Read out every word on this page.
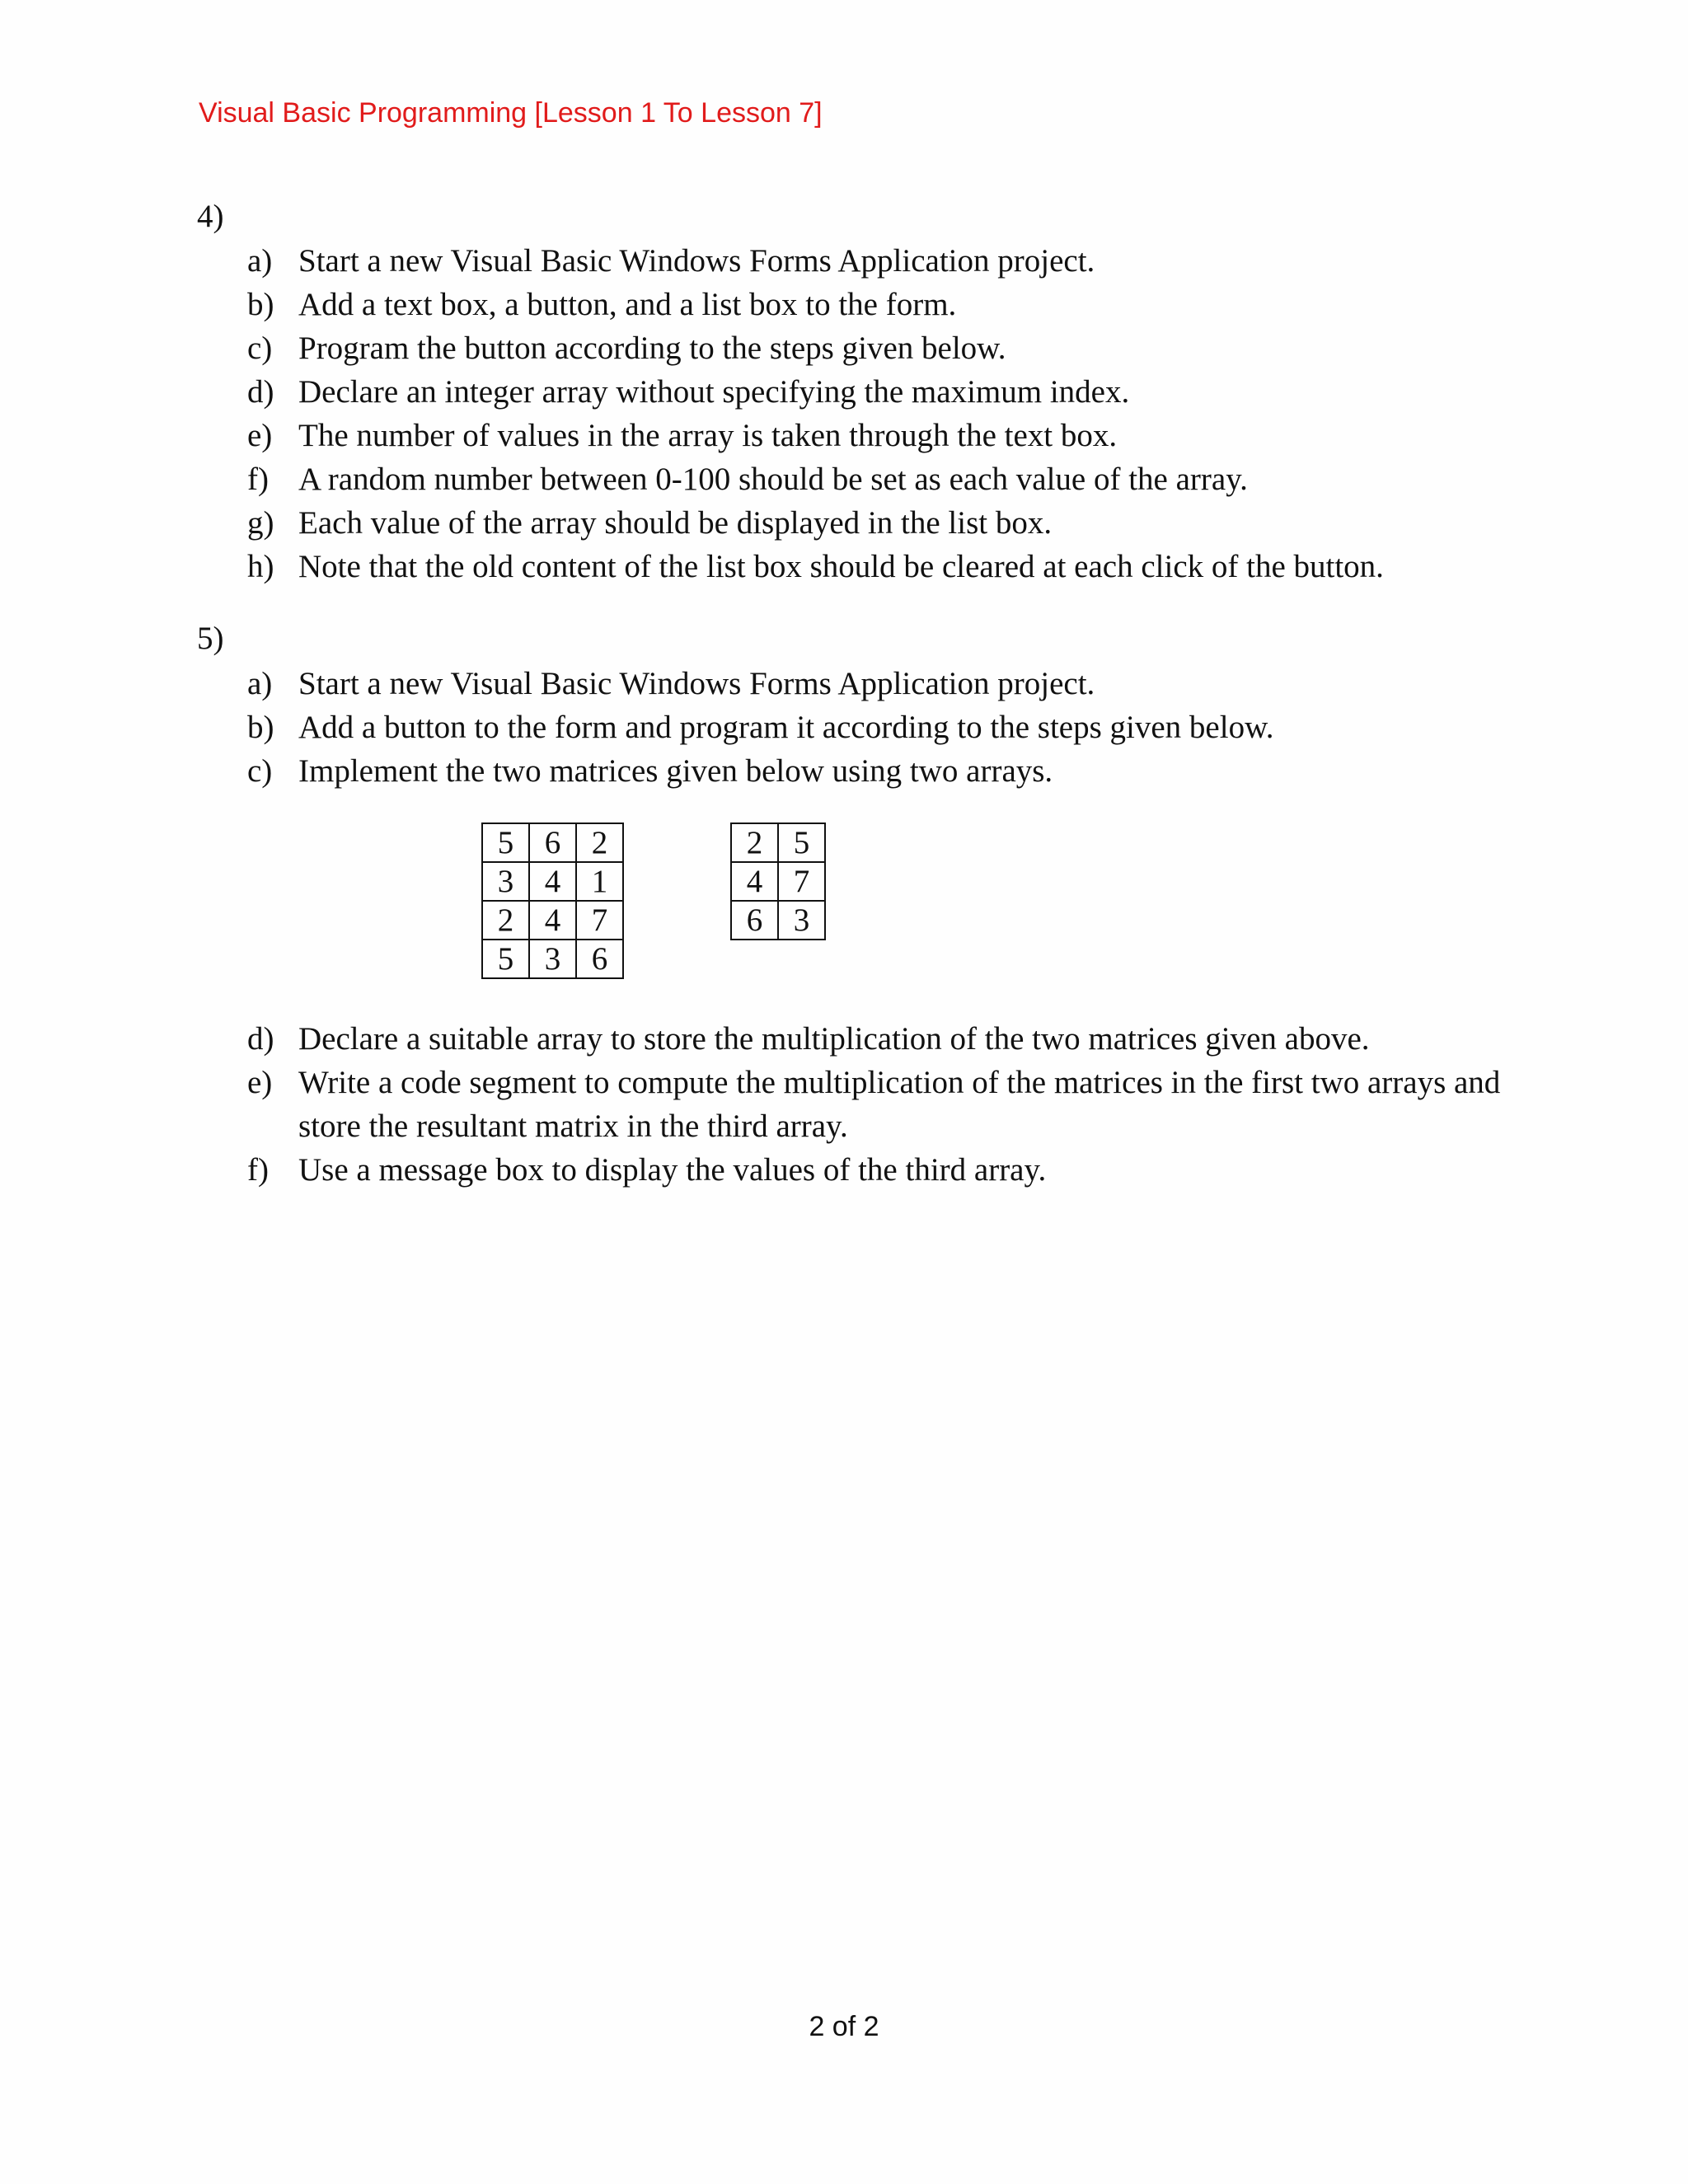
Visual Basic Programming [Lesson 1 To Lesson 7]
4)
a) Start a new Visual Basic Windows Forms Application project.
b) Add a text box, a button, and a list box to the form.
c) Program the button according to the steps given below.
d) Declare an integer array without specifying the maximum index.
e) The number of values in the array is taken through the text box.
f) A random number between 0-100 should be set as each value of the array.
g) Each value of the array should be displayed in the list box.
h) Note that the old content of the list box should be cleared at each click of the button.
5)
a) Start a new Visual Basic Windows Forms Application project.
b) Add a button to the form and program it according to the steps given below.
c) Implement the two matrices given below using two arrays.
5	6	2
3	4	1
2	4	7
5	3	6
2	5
4	7
6	3
d) Declare a suitable array to store the multiplication of the two matrices given above.
e) Write a code segment to compute the multiplication of the matrices in the first two arrays and store the resultant matrix in the third array.
f) Use a message box to display the values of the third array.
2 of 2
